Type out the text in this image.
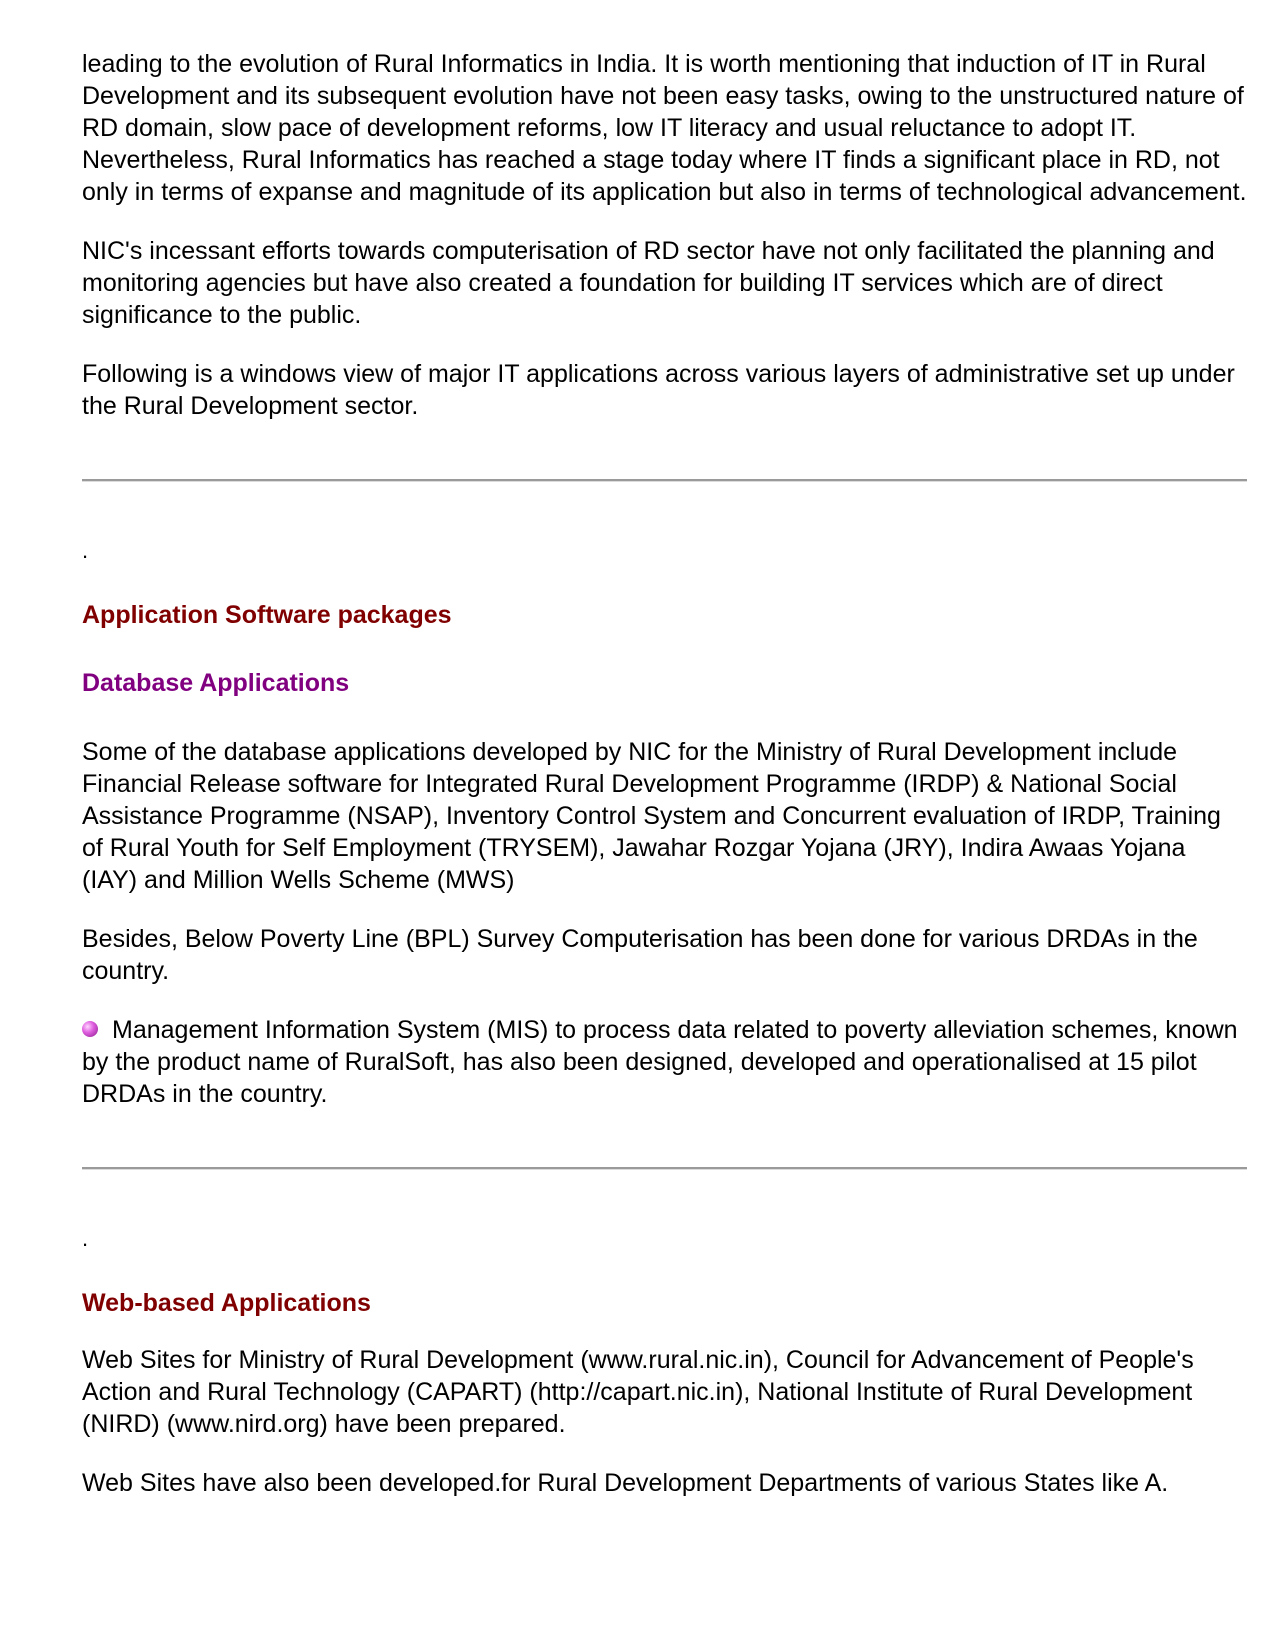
leading to the evolution of Rural Informatics in India. It is worth mentioning that induction of IT in Rural Development and its subsequent evolution have not been easy tasks, owing to the unstructured nature of RD domain, slow pace of development reforms, low IT literacy and usual reluctance to adopt IT. Nevertheless, Rural Informatics has reached a stage today where IT finds a significant place in RD, not only in terms of expanse and magnitude of its application but also in terms of technological advancement.

NIC's incessant efforts towards computerisation of RD sector have not only facilitated the planning and monitoring agencies but have also created a foundation for building IT services which are of direct significance to the public.

Following is a windows view of major IT applications across various layers of administrative set up under the Rural Development sector.

.

Application Software packages
Database Applications

Some of the database applications developed by NIC for the Ministry of Rural Development include Financial Release software for Integrated Rural Development Programme (IRDP) & National Social Assistance Programme (NSAP), Inventory Control System and Concurrent evaluation of IRDP, Training of Rural Youth for Self Employment (TRYSEM), Jawahar Rozgar Yojana (JRY), Indira Awaas Yojana (IAY) and Million Wells Scheme (MWS)

Besides, Below Poverty Line (BPL) Survey Computerisation has been done for various DRDAs in the country.

Management Information System (MIS) to process data related to poverty alleviation schemes, known by the product name of RuralSoft, has also been designed, developed and operationalised at 15 pilot DRDAs in the country.

.

Web-based Applications

Web Sites for Ministry of Rural Development (www.rural.nic.in), Council for Advancement of People's Action and Rural Technology (CAPART) (http://capart.nic.in), National Institute of Rural Development (NIRD) (www.nird.org) have been prepared.

Web Sites have also been developed.for Rural Development Departments of various States like A.
